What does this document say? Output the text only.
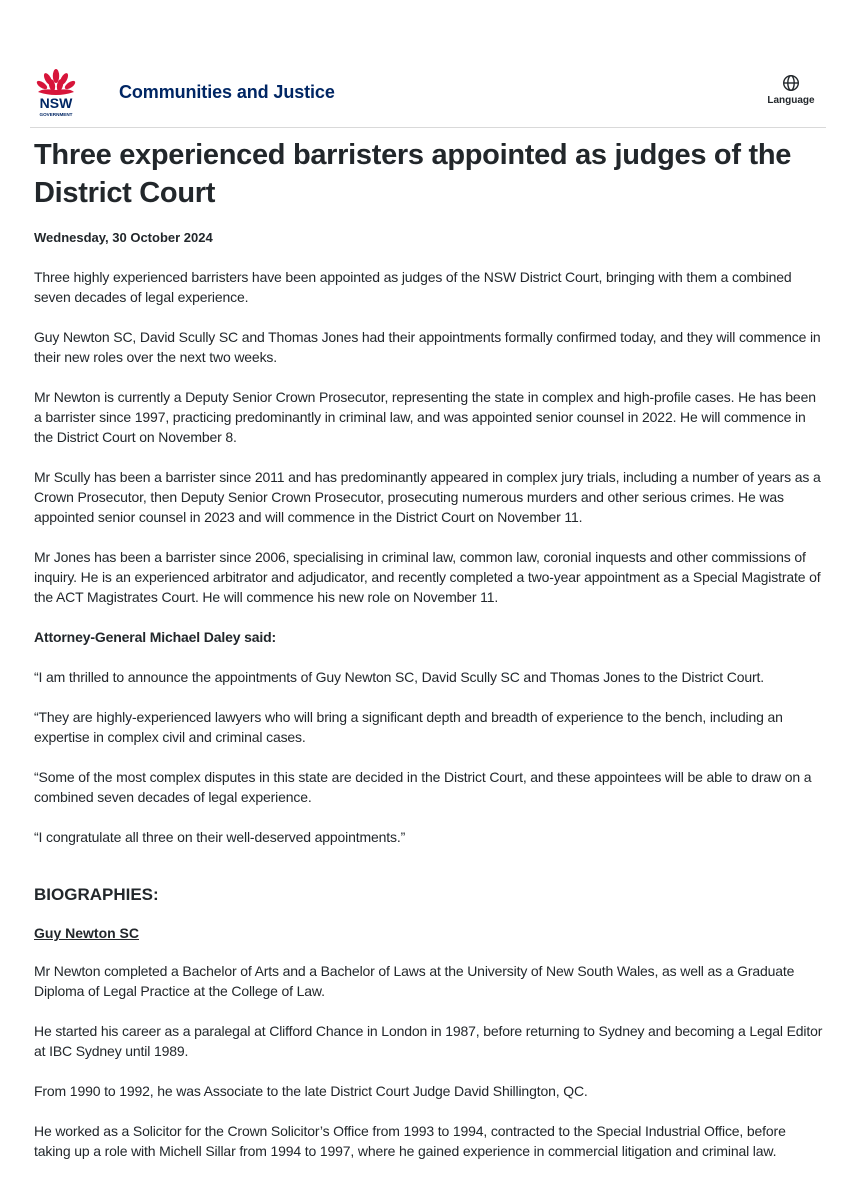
NSW
GOVERNMENT
Communities and Justice	Language
Three experienced barristers appointed as judges of the District Court
Wednesday, 30 October 2024

Three highly experienced barristers have been appointed as judges of the NSW District Court, bringing with them a combined seven decades of legal experience.

Guy Newton SC, David Scully SC and Thomas Jones had their appointments formally confirmed today, and they will commence in their new roles over the next two weeks.

Mr Newton is currently a Deputy Senior Crown Prosecutor, representing the state in complex and high-profile cases. He has been a barrister since 1997, practicing predominantly in criminal law, and was appointed senior counsel in 2022. He will commence in the District Court on November 8.

Mr Scully has been a barrister since 2011 and has predominantly appeared in complex jury trials, including a number of years as a Crown Prosecutor, then Deputy Senior Crown Prosecutor, prosecuting numerous murders and other serious crimes. He was appointed senior counsel in 2023 and will commence in the District Court on November 11.

Mr Jones has been a barrister since 2006, specialising in criminal law, common law, coronial inquests and other commissions of inquiry. He is an experienced arbitrator and adjudicator, and recently completed a two-year appointment as a Special Magistrate of the ACT Magistrates Court. He will commence his new role on November 11.

Attorney-General Michael Daley said:

“I am thrilled to announce the appointments of Guy Newton SC, David Scully SC and Thomas Jones to the District Court.

“They are highly-experienced lawyers who will bring a significant depth and breadth of experience to the bench, including an expertise in complex civil and criminal cases.

“Some of the most complex disputes in this state are decided in the District Court, and these appointees will be able to draw on a combined seven decades of legal experience.

“I congratulate all three on their well-deserved appointments.”

BIOGRAPHIES:
Guy Newton SC

Mr Newton completed a Bachelor of Arts and a Bachelor of Laws at the University of New South Wales, as well as a Graduate Diploma of Legal Practice at the College of Law.

He started his career as a paralegal at Clifford Chance in London in 1987, before returning to Sydney and becoming a Legal Editor at IBC Sydney until 1989.

From 1990 to 1992, he was Associate to the late District Court Judge David Shillington, QC.

He worked as a Solicitor for the Crown Solicitor’s Office from 1993 to 1994, contracted to the Special Industrial Office, before taking up a role with Michell Sillar from 1994 to 1997, where he gained experience in commercial litigation and criminal law.
